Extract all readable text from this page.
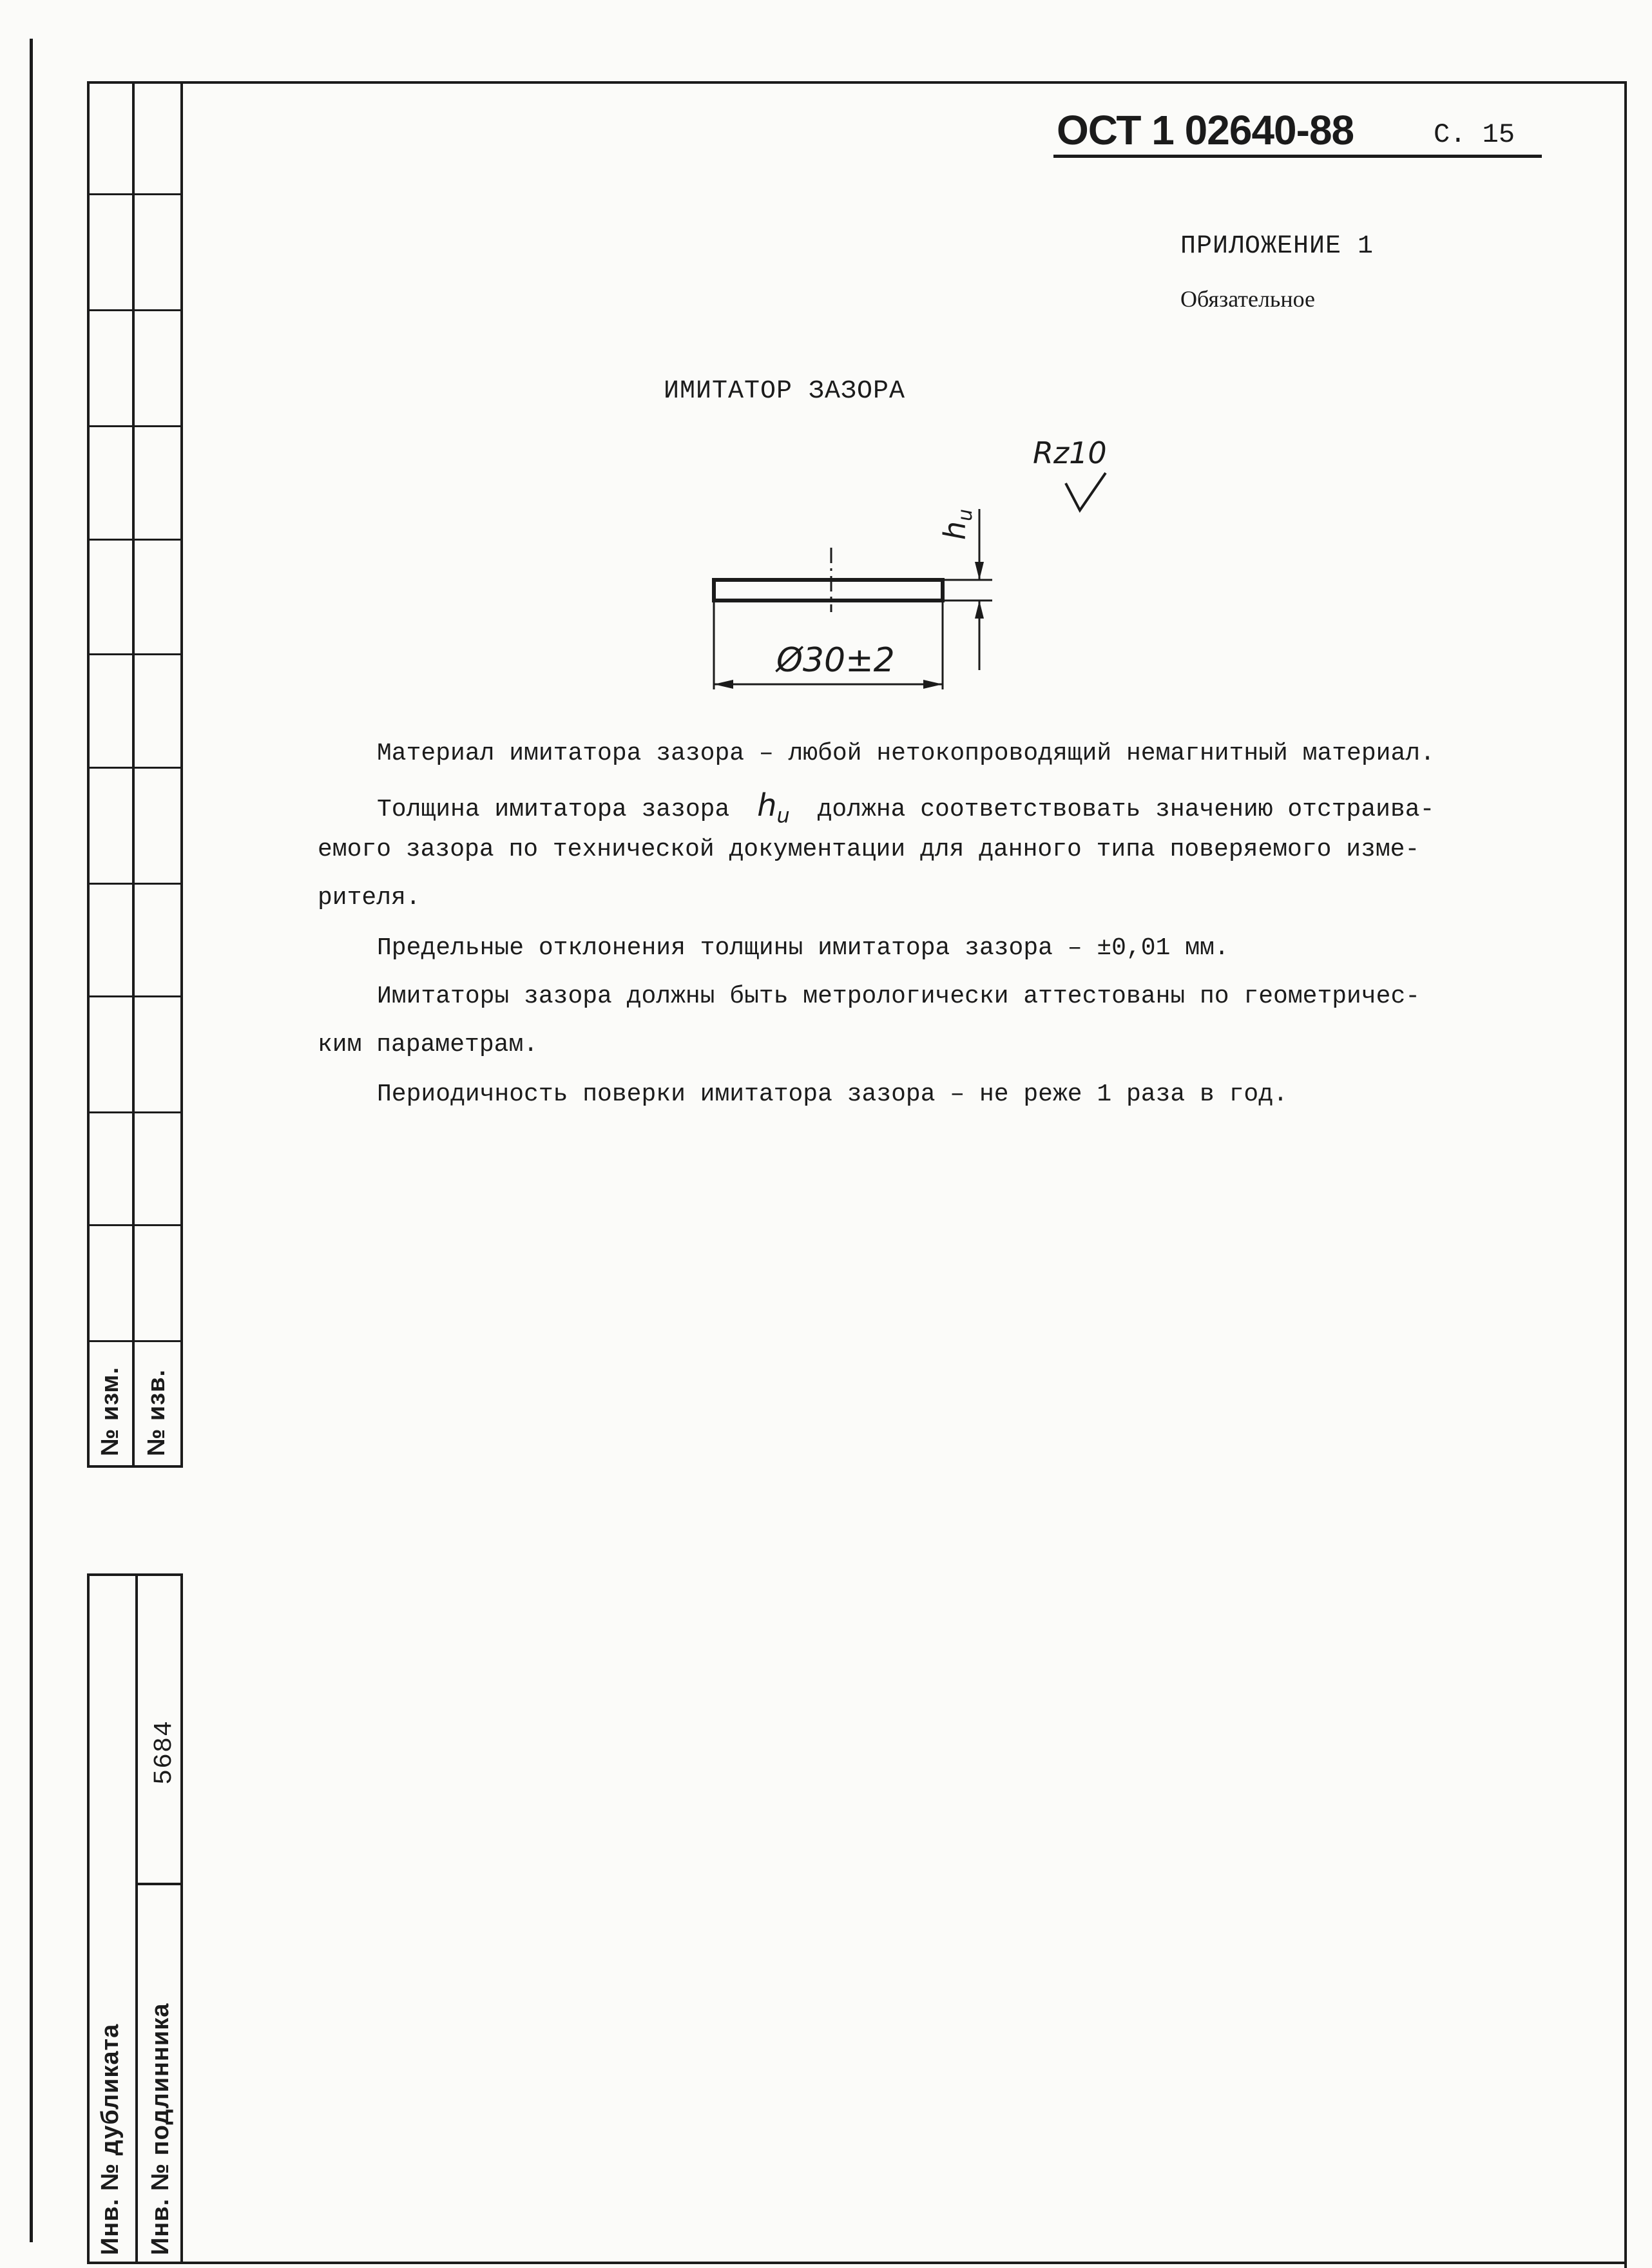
№ изм. № изв.
5684
Инв. № дубликата Инв. № подлинника
ОСТ 1 02640-88	С. 15
ПРИЛОЖЕНИЕ 1
Обязательное
ИМИТАТОР ЗАЗОРА
Rz10
$h_u$
Ø30±2
Материал имитатора зазора – любой нетокопроводящий немагнитный материал.
Толщина имитатора зазора $h_u$ должна соответствовать значению отстраива-
емого зазора по технической документации для данного типа поверяемого изме-
рителя.
Предельные отклонения толщины имитатора зазора – ±0,01 мм.
Имитаторы зазора должны быть метрологически аттестованы по геометричес-
ким параметрам.
Периодичность поверки имитатора зазора – не реже 1 раза в год.
